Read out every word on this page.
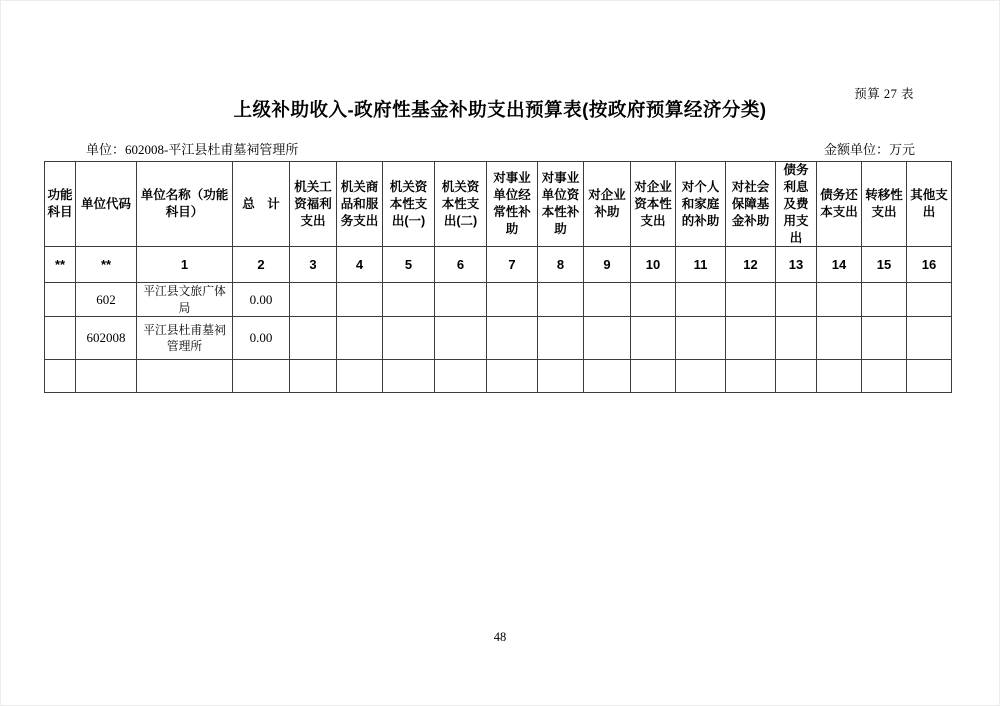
预算 27 表
上级补助收入-政府性基金补助支出预算表(按政府预算经济分类)
单位：602008-平江县杜甫墓祠管理所	金额单位：万元
功能科目	单位代码	单位名称（功能科目）	总　计	机关工资福利支出	机关商品和服务支出	机关资本性支出(一)	机关资本性支出(二)	对事业单位经常性补助	对事业单位资本性补助	对企业补助	对企业资本性支出	对个人和家庭的补助	对社会保障基金补助	债务利息及费用支出	债务还本支出	转移性支出	其他支出
**	**	1	2	3	4	5	6	7	8	9	10	11	12	13	14	15	16
	602	平江县文旅广体局	0.00														
	602008	平江县杜甫墓祠管理所	0.00														

48
